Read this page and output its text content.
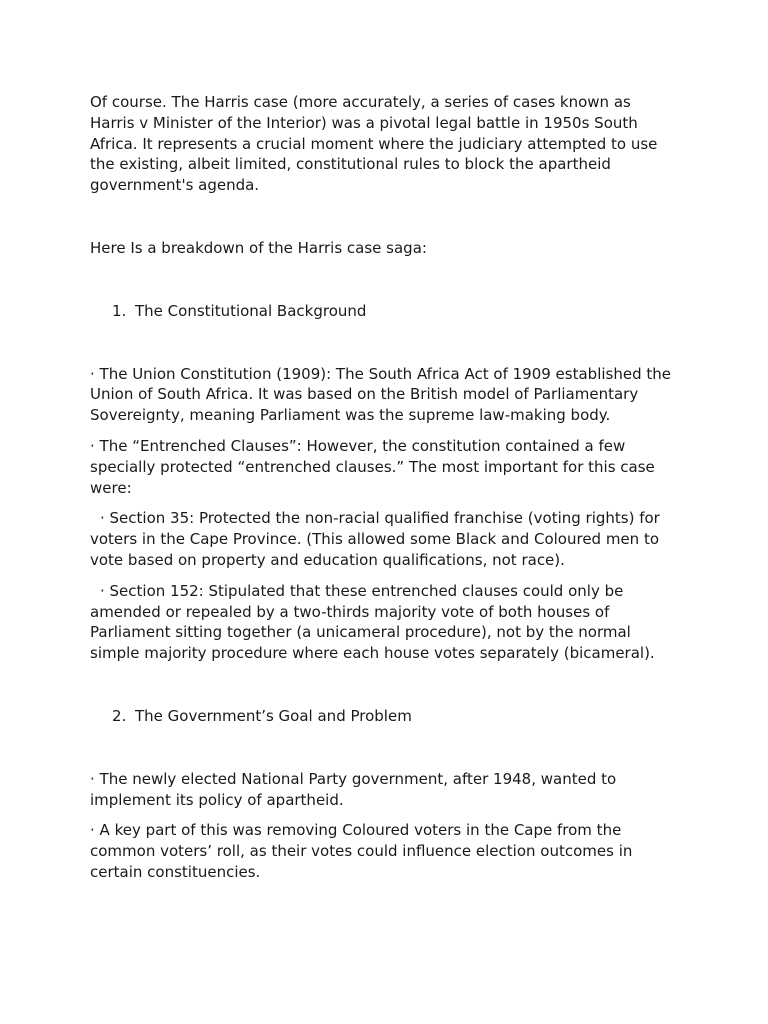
Of course. The Harris case (more accurately, a series of cases known as Harris v Minister of the Interior) was a pivotal legal battle in 1950s South Africa. It represents a crucial moment where the judiciary attempted to use the existing, albeit limited, constitutional rules to block the apartheid government's agenda.

Here Is a breakdown of the Harris case saga:

1. The Constitutional Background

· The Union Constitution (1909): The South Africa Act of 1909 established the Union of South Africa. It was based on the British model of Parliamentary Sovereignty, meaning Parliament was the supreme law-making body.

· The “Entrenched Clauses”: However, the constitution contained a few specially protected “entrenched clauses.” The most important for this case were:

· Section 35: Protected the non-racial qualified franchise (voting rights) for voters in the Cape Province. (This allowed some Black and Coloured men to vote based on property and education qualifications, not race).

· Section 152: Stipulated that these entrenched clauses could only be amended or repealed by a two-thirds majority vote of both houses of Parliament sitting together (a unicameral procedure), not by the normal simple majority procedure where each house votes separately (bicameral).

2. The Government’s Goal and Problem

· The newly elected National Party government, after 1948, wanted to implement its policy of apartheid.

· A key part of this was removing Coloured voters in the Cape from the common voters’ roll, as their votes could influence election outcomes in certain constituencies.
